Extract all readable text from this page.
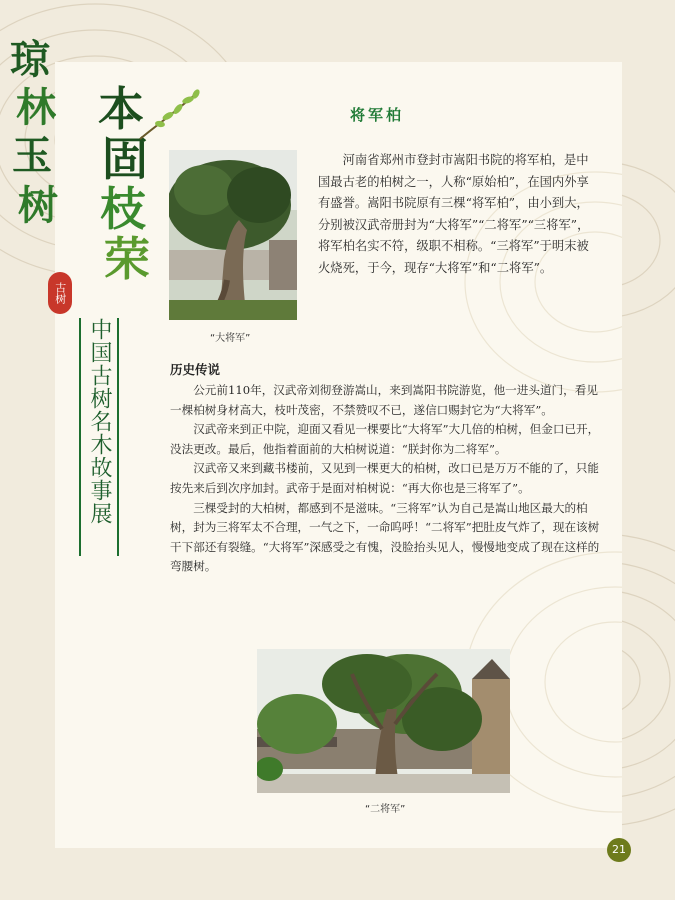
琼
林
玉
树
本
固
枝
荣
古树
中国古树名木故事展	“大将军”
将军柏

河南省郑州市登封市嵩阳书院的将军柏，是中国最古老的柏树之一，人称“原始柏”，在国内外享有盛誉。嵩阳书院原有三棵“将军柏”，由小到大，分别被汉武帝册封为“大将军”“二将军”“三将军”，将军柏名实不符，级职不相称。“三将军”于明末被火烧死，于今，现存“大将军”和“二将军”。

历史传说

公元前110年，汉武帝刘彻登游嵩山，来到嵩阳书院游览，他一进头道门，看见一棵柏树身材高大，枝叶茂密，不禁赞叹不已，遂信口赐封它为“大将军”。

汉武帝来到正中院，迎面又看见一棵要比“大将军”大几倍的柏树，但金口已开，没法更改。最后，他指着面前的大柏树说道：“朕封你为二将军”。

汉武帝又来到藏书楼前，又见到一棵更大的柏树，改口已是万万不能的了，只能按先来后到次序加封。武帝于是面对柏树说：“再大你也是三将军了”。

三棵受封的大柏树，都感到不是滋味。“三将军”认为自己是嵩山地区最大的柏树，封为三将军太不合理，一气之下，一命呜呼！“二将军”把肚皮气炸了，现在该树干下部还有裂缝。“大将军”深感受之有愧，没脸抬头见人，慢慢地变成了现在这样的弯腰树。

“二将军”
21
